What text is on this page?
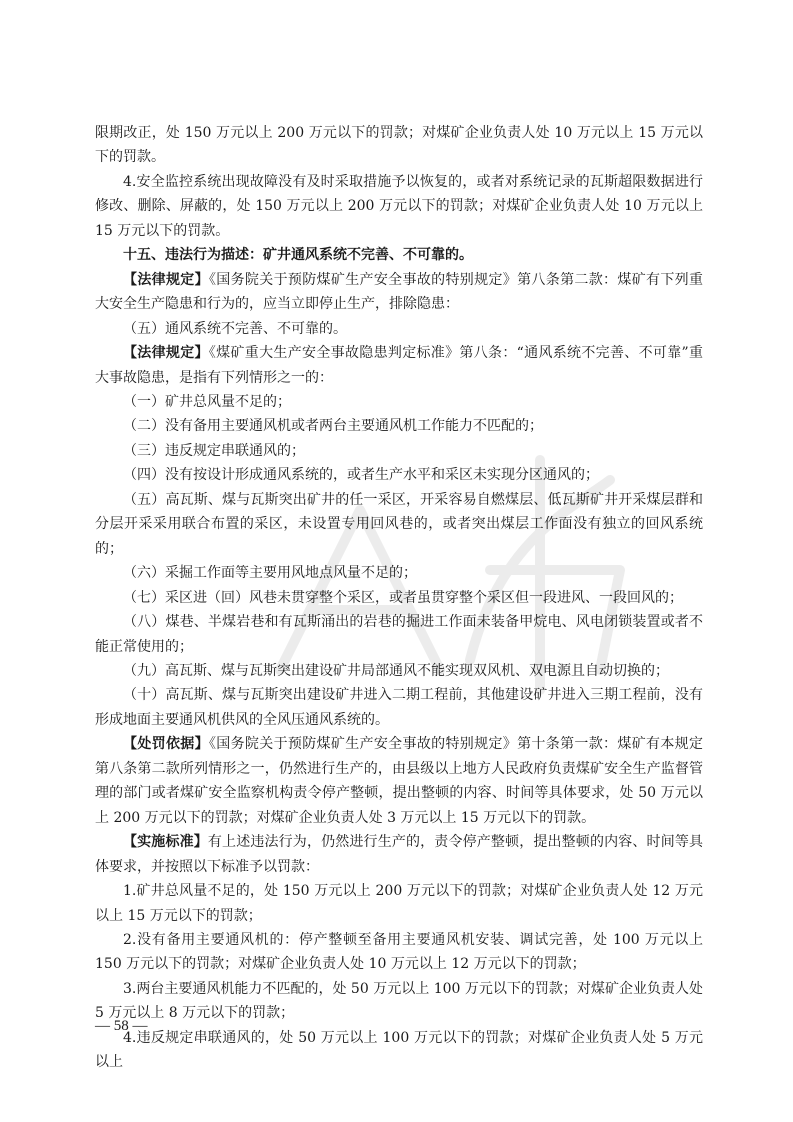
限期改正，处 150 万元以上 200 万元以下的罚款；对煤矿企业负责人处 10 万元以上 15 万元以下的罚款。

4.安全监控系统出现故障没有及时采取措施予以恢复的，或者对系统记录的瓦斯超限数据进行修改、删除、屏蔽的，处 150 万元以上 200 万元以下的罚款；对煤矿企业负责人处 10 万元以上 15 万元以下的罚款。

十五、违法行为描述：矿井通风系统不完善、不可靠的。

【法律规定】《国务院关于预防煤矿生产安全事故的特别规定》第八条第二款：煤矿有下列重大安全生产隐患和行为的，应当立即停止生产，排除隐患：

（五）通风系统不完善、不可靠的。

【法律规定】《煤矿重大生产安全事故隐患判定标准》第八条：“通风系统不完善、不可靠”重大事故隐患，是指有下列情形之一的：

（一）矿井总风量不足的；

（二）没有备用主要通风机或者两台主要通风机工作能力不匹配的；

（三）违反规定串联通风的；

（四）没有按设计形成通风系统的，或者生产水平和采区未实现分区通风的；

（五）高瓦斯、煤与瓦斯突出矿井的任一采区，开采容易自燃煤层、低瓦斯矿井开采煤层群和分层开采采用联合布置的采区，未设置专用回风巷的，或者突出煤层工作面没有独立的回风系统的；

（六）采掘工作面等主要用风地点风量不足的；

（七）采区进（回）风巷未贯穿整个采区，或者虽贯穿整个采区但一段进风、一段回风的；

（八）煤巷、半煤岩巷和有瓦斯涌出的岩巷的掘进工作面未装备甲烷电、风电闭锁装置或者不能正常使用的；

（九）高瓦斯、煤与瓦斯突出建设矿井局部通风不能实现双风机、双电源且自动切换的；

（十）高瓦斯、煤与瓦斯突出建设矿井进入二期工程前，其他建设矿井进入三期工程前，没有形成地面主要通风机供风的全风压通风系统的。

【处罚依据】《国务院关于预防煤矿生产安全事故的特别规定》第十条第一款：煤矿有本规定第八条第二款所列情形之一，仍然进行生产的，由县级以上地方人民政府负责煤矿安全生产监督管理的部门或者煤矿安全监察机构责令停产整顿，提出整顿的内容、时间等具体要求，处 50 万元以上 200 万元以下的罚款；对煤矿企业负责人处 3 万元以上 15 万元以下的罚款。

【实施标准】有上述违法行为，仍然进行生产的，责令停产整顿，提出整顿的内容、时间等具体要求，并按照以下标准予以罚款：

1.矿井总风量不足的，处 150 万元以上 200 万元以下的罚款；对煤矿企业负责人处 12 万元以上 15 万元以下的罚款；

2.没有备用主要通风机的：停产整顿至备用主要通风机安装、调试完善，处 100 万元以上 150 万元以下的罚款；对煤矿企业负责人处 10 万元以上 12 万元以下的罚款；

3.两台主要通风机能力不匹配的，处 50 万元以上 100 万元以下的罚款；对煤矿企业负责人处 5 万元以上 8 万元以下的罚款；

4.违反规定串联通风的，处 50 万元以上 100 万元以下的罚款；对煤矿企业负责人处 5 万元以上

— 58 —
